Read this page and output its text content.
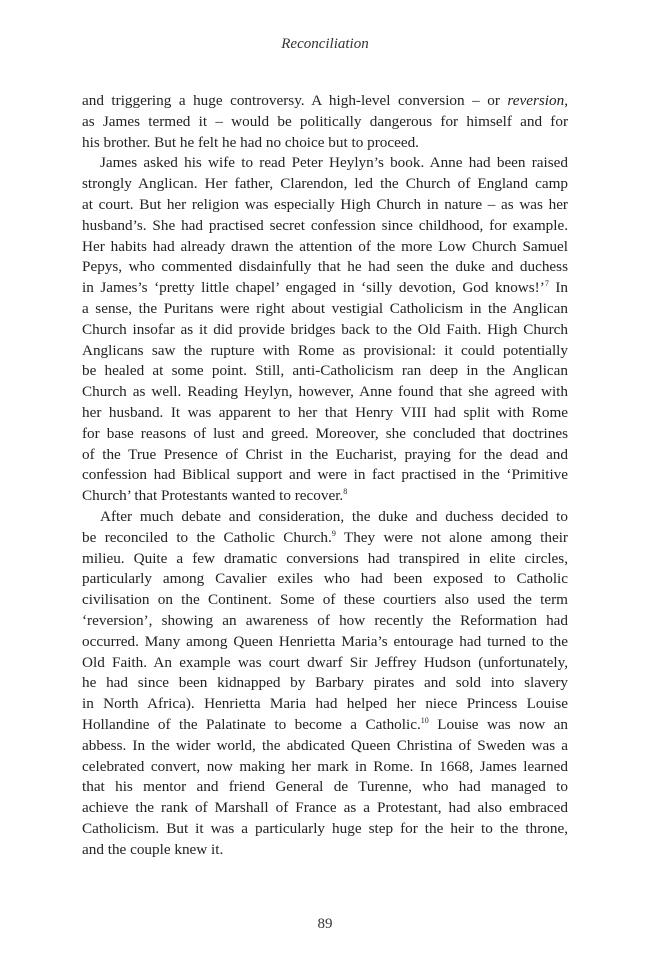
Reconciliation

and triggering a huge controversy. A high-level conversion – or reversion,
as James termed it – would be politically dangerous for himself and for
his brother. But he felt he had no choice but to proceed.

James asked his wife to read Peter Heylyn’s book. Anne had been raised
strongly Anglican. Her father, Clarendon, led the Church of England camp
at court. But her religion was especially High Church in nature – as was her
husband’s. She had practised secret confession since childhood, for example.
Her habits had already drawn the attention of the more Low Church Samuel
Pepys, who commented disdainfully that he had seen the duke and duchess
in James’s ‘pretty little chapel’ engaged in ‘silly devotion, God knows!’$^7$ In
a sense, the Puritans were right about vestigial Catholicism in the Anglican
Church insofar as it did provide bridges back to the Old Faith. High Church
Anglicans saw the rupture with Rome as provisional: it could potentially
be healed at some point. Still, anti-Catholicism ran deep in the Anglican
Church as well. Reading Heylyn, however, Anne found that she agreed with
her husband. It was apparent to her that Henry VIII had split with Rome
for base reasons of lust and greed. Moreover, she concluded that doctrines
of the True Presence of Christ in the Eucharist, praying for the dead and
confession had Biblical support and were in fact practised in the ‘Primitive
Church’ that Protestants wanted to recover.$^8$

After much debate and consideration, the duke and duchess decided to
be reconciled to the Catholic Church.$^9$ They were not alone among their
milieu. Quite a few dramatic conversions had transpired in elite circles,
particularly among Cavalier exiles who had been exposed to Catholic
civilisation on the Continent. Some of these courtiers also used the term
‘reversion’, showing an awareness of how recently the Reformation had
occurred. Many among Queen Henrietta Maria’s entourage had turned to the
Old Faith. An example was court dwarf Sir Jeffrey Hudson (unfortunately,
he had since been kidnapped by Barbary pirates and sold into slavery
in North Africa). Henrietta Maria had helped her niece Princess Louise
Hollandine of the Palatinate to become a Catholic.$^{10}$ Louise was now an
abbess. In the wider world, the abdicated Queen Christina of Sweden was a
celebrated convert, now making her mark in Rome. In 1668, James learned
that his mentor and friend General de Turenne, who had managed to
achieve the rank of Marshall of France as a Protestant, had also embraced
Catholicism. But it was a particularly huge step for the heir to the throne,
and the couple knew it.

89
